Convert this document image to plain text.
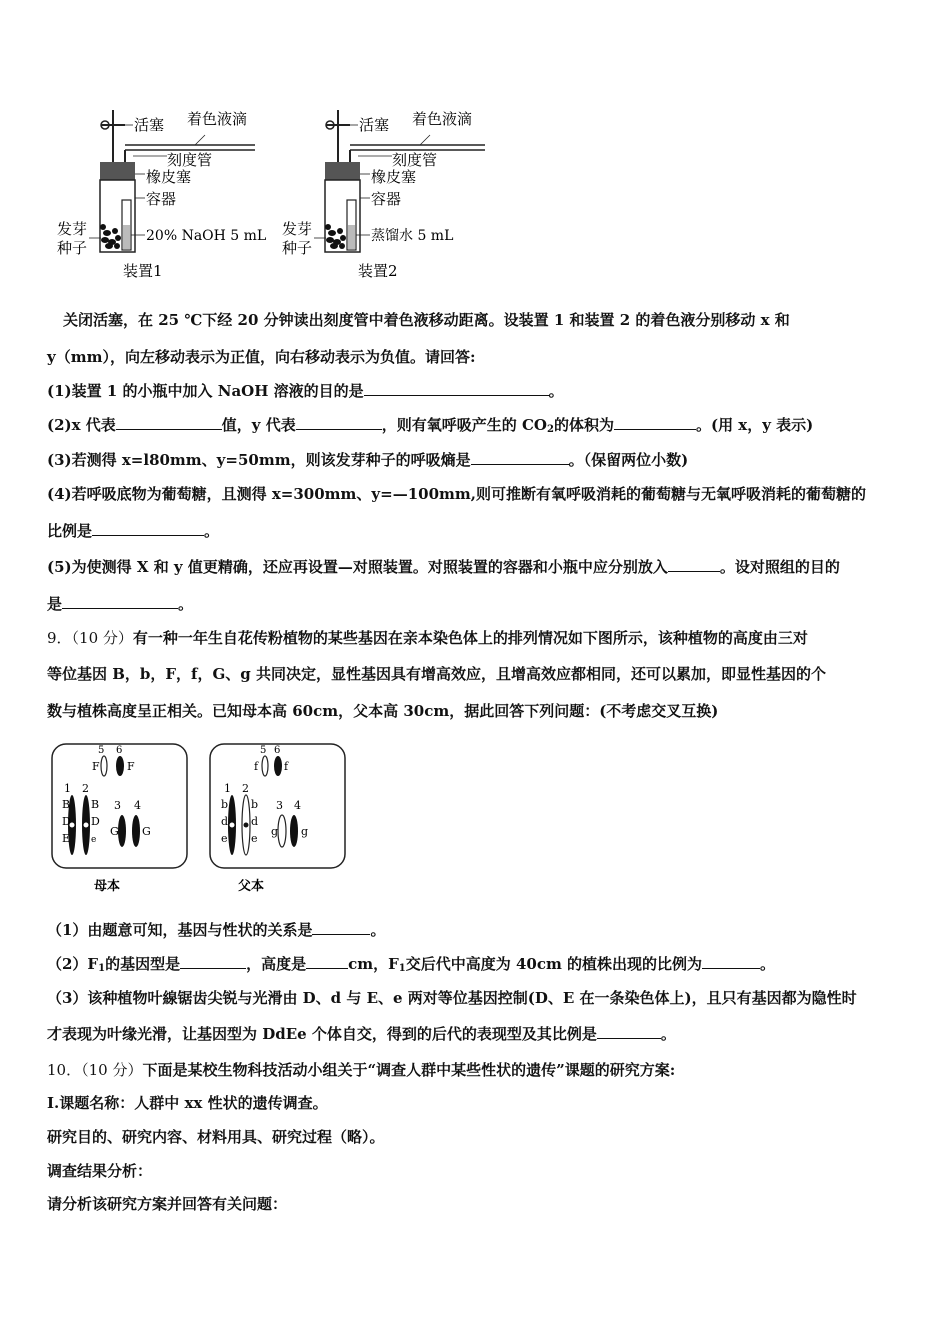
活塞 着色液滴
刻度管
橡皮塞
容器
20% NaOH 5 mL
发芽
种子
装置1
活塞 着色液滴
刻度管
橡皮塞
容器
蒸馏水 5 mL
发芽
种子
装置2
关闭活塞，在 25 ℃下经 20 分钟读出刻度管中着色液移动距离。设装置 1 和装置 2 的着色液分别移动 x 和
y（mm），向左移动表示为正值，向右移动表示为负值。请回答:
(1)装置 1 的小瓶中加入 NaOH 溶液的目的是	。
(2)x 代表	值，y 代表	，则有氧呼吸产生的 $CO_2$的体积为	。(用 x，y 表示)
(3)若测得 x=l80mm、y=50mm，则该发芽种子的呼吸熵是	。（保留两位小数)
(4)若呼吸底物为葡萄糖，且测得 x=300mm、y=—100mm,则可推断有氧呼吸消耗的葡萄糖与无氧呼吸消耗的葡萄糖的
比例是	。
(5)为使测得 X 和 y 值更精确，还应再设置—对照装置。对照装置的容器和小瓶中应分别放入	。设对照组的目的
是	。
9．（10 分）有一种一年生自花传粉植物的某些基因在亲本染色体上的排列情况如下图所示，该种植物的高度由三对
等位基因 B，b，F，f，G、g 共同决定，显性基因具有增高效应，且增高效应都相同，还可以累加，即显性基因的个
数与植株高度呈正相关。已知母本高 60cm，父本高 30cm，据此回答下列问题：(不考虑交叉互换)
5 6
F F
1 2
B
D
E
B
D
e
3 4
G G
母本
5 6
f f
1 2
b
d
e
b
d
e
3 4
g g
父本
（1）由题意可知，基因与性状的关系是	。
$(2)F_1$的基因型是	，高度是	cm，$F_1$交后代中高度为 40cm 的植株出现的比例为	。
（3）该种植物叶線锯齿尖锐与光滑由 D、d 与 E、e 两对等位基因控制(D、E 在一条染色体上)，且只有基因都为隐性时
才表现为叶缘光滑，让基因型为 DdEe 个体自交，得到的后代的表现型及其比例是	。
10．（10 分）下面是某校生物科技活动小组关于“调查人群中某些性状的遗传”课题的研究方案:
I.课题名称：人群中 xx 性状的遗传调查。
研究目的、研究内容、材料用具、研究过程（略）。
调查结果分析：
请分析该研究方案并回答有关问题：
